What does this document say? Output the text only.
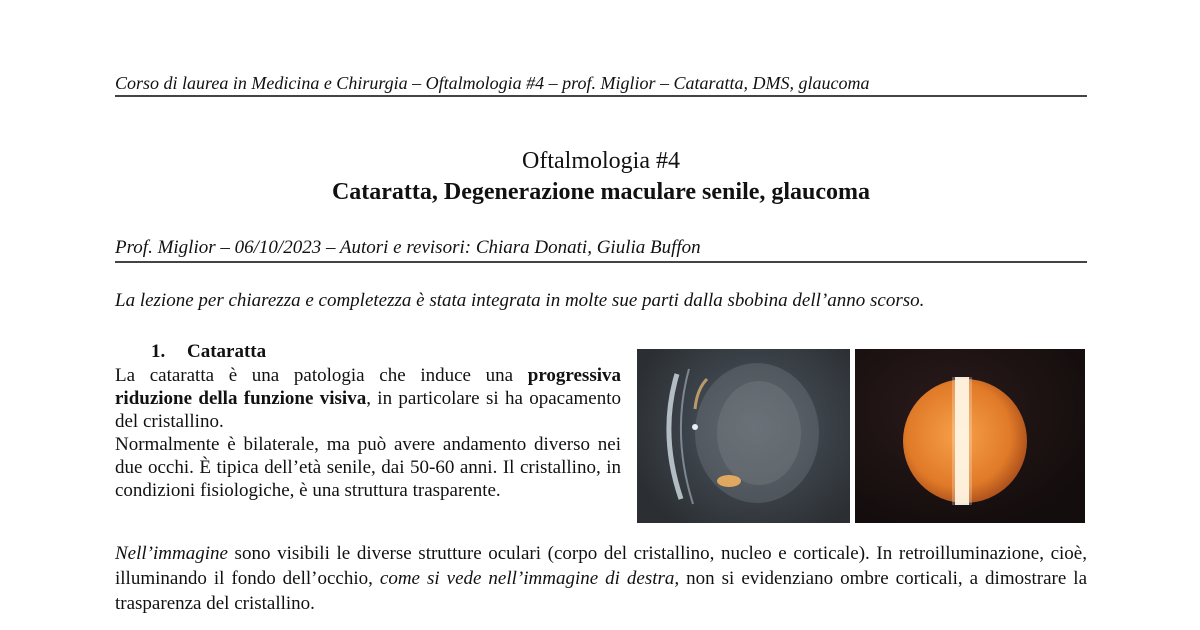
Corso di laurea in Medicina e Chirurgia – Oftalmologia #4 – prof. Miglior – Cataratta, DMS, glaucoma
Oftalmologia #4
Cataratta, Degenerazione maculare senile, glaucoma
Prof. Miglior – 06/10/2023 – Autori e revisori: Chiara Donati, Giulia Buffon
La lezione per chiarezza e completezza è stata integrata in molte sue parti dalla sbobina dell’anno scorso.
1. Cataratta

La cataratta è una patologia che induce una progressiva riduzione della funzione visiva, in particolare si ha opacamento del cristallino.

Normalmente è bilaterale, ma può avere andamento diverso nei due occhi. È tipica dell’età senile, dai 50-60 anni. Il cristallino, in condizioni fisiologiche, è una struttura trasparente.

Nell’immagine sono visibili le diverse strutture oculari (corpo del cristallino, nucleo e corticale). In retroilluminazione, cioè, illuminando il fondo dell’occhio, come si vede nell’immagine di destra, non si evidenziano ombre corticali, a dimostrare la trasparenza del cristallino.
